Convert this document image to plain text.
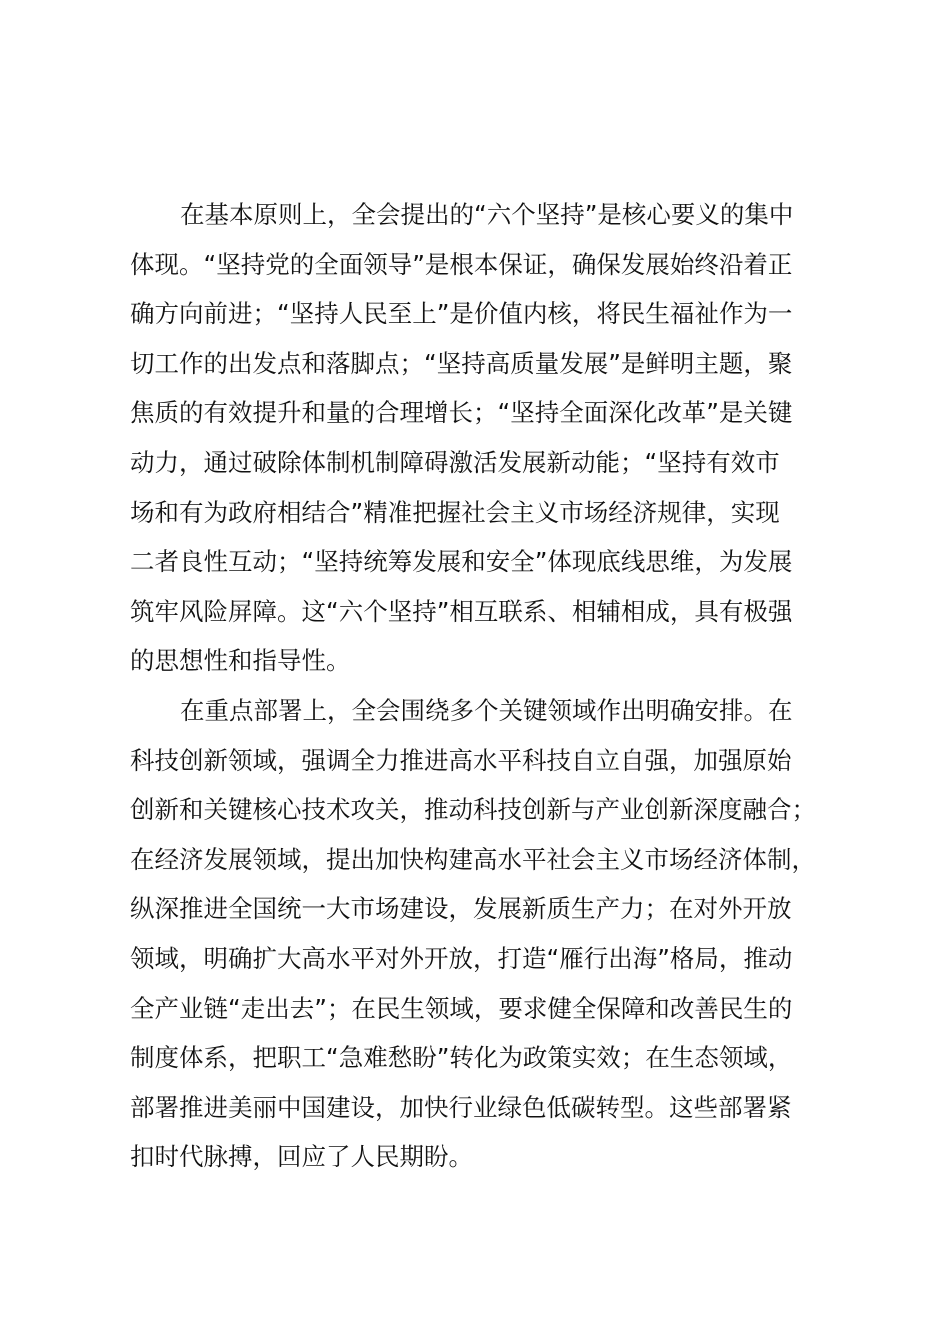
在基本原则上，全会提出的“六个坚持”是核心要义的集中
体现。“坚持党的全面领导”是根本保证，确保发展始终沿着正
确方向前进；“坚持人民至上”是价值内核，将民生福祉作为一
切工作的出发点和落脚点；“坚持高质量发展”是鲜明主题，聚
焦质的有效提升和量的合理增长；“坚持全面深化改革”是关键
动力，通过破除体制机制障碍激活发展新动能；“坚持有效市
场和有为政府相结合”精准把握社会主义市场经济规律，实现
二者良性互动；“坚持统筹发展和安全”体现底线思维，为发展
筑牢风险屏障。这“六个坚持”相互联系、相辅相成，具有极强
的思想性和指导性。

在重点部署上，全会围绕多个关键领域作出明确安排。在
科技创新领域，强调全力推进高水平科技自立自强，加强原始
创新和关键核心技术攻关，推动科技创新与产业创新深度融合；
在经济发展领域，提出加快构建高水平社会主义市场经济体制，
纵深推进全国统一大市场建设，发展新质生产力；在对外开放
领域，明确扩大高水平对外开放，打造“雁行出海”格局，推动
全产业链“走出去”；在民生领域，要求健全保障和改善民生的
制度体系，把职工“急难愁盼”转化为政策实效；在生态领域，
部署推进美丽中国建设，加快行业绿色低碳转型。这些部署紧
扣时代脉搏，回应了人民期盼。
